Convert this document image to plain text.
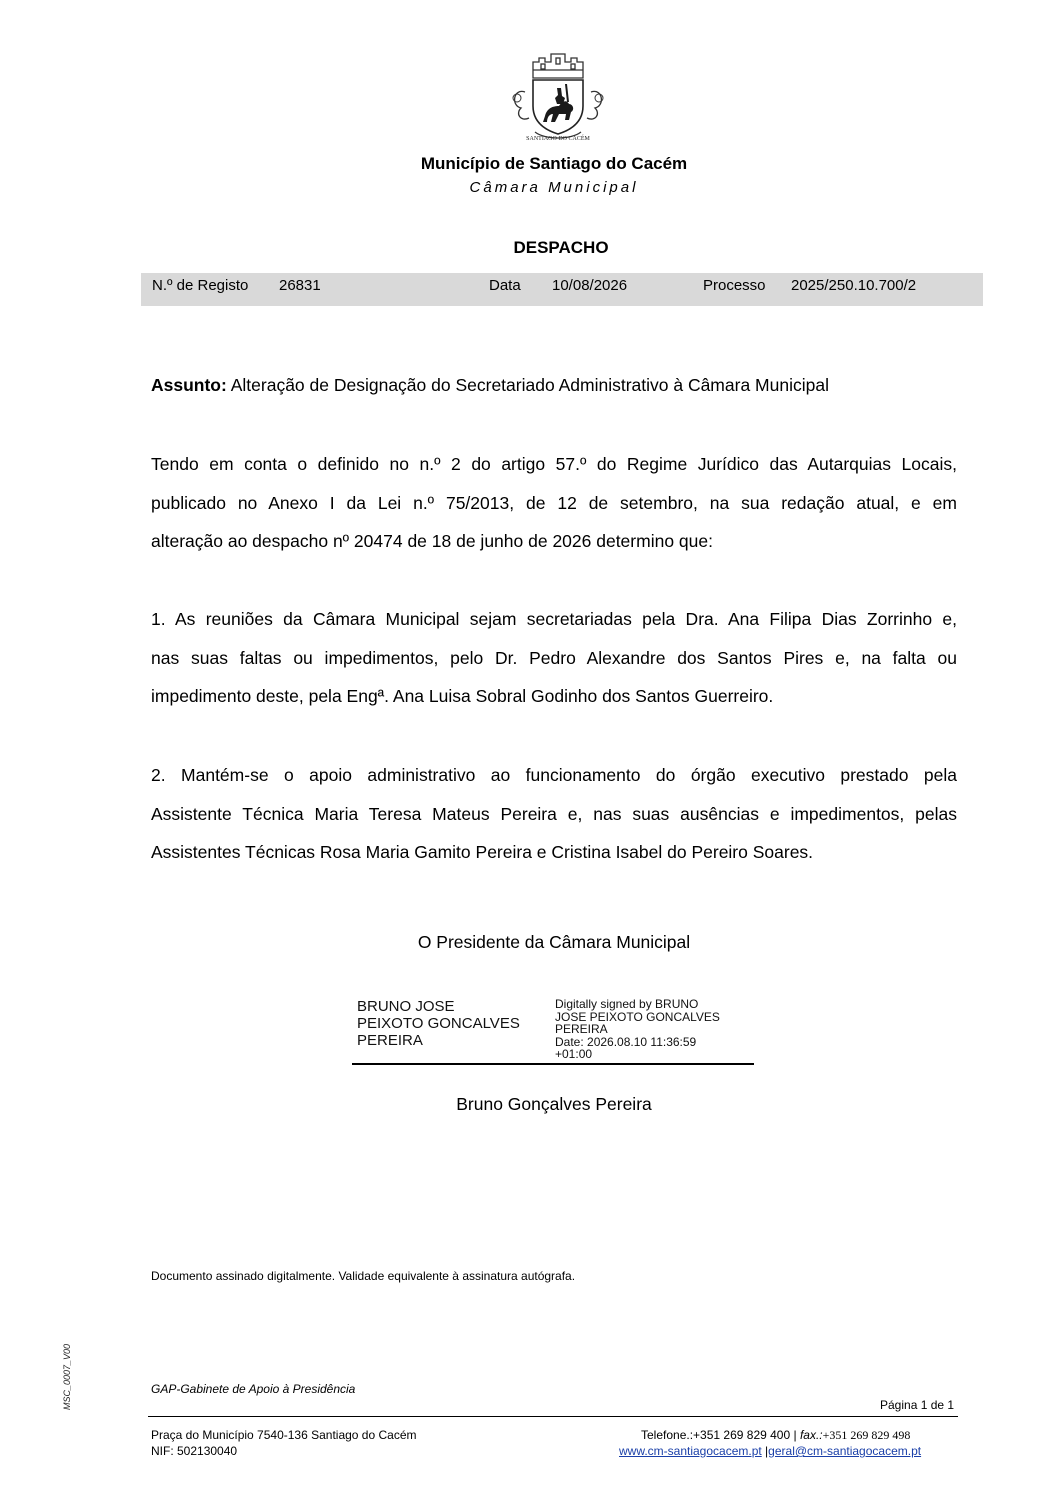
SANTIAGO DO CACÉM
Município de Santiago do Cacém
Câmara Municipal
DESPACHO
N.º de Registo 26831	Data 10/08/2026	Processo 2025/250.10.700/2
Assunto: Alteração de Designação do Secretariado Administrativo à Câmara Municipal
Tendo em conta o definido no n.º 2 do artigo 57.º do Regime Jurídico das Autarquias Locais,
publicado no Anexo I da Lei n.º 75/2013, de 12 de setembro, na sua redação atual, e em
alteração ao despacho nº 20474 de 18 de junho de 2026 determino que:
1. As reuniões da Câmara Municipal sejam secretariadas pela Dra. Ana Filipa Dias Zorrinho e,
nas suas faltas ou impedimentos, pelo Dr. Pedro Alexandre dos Santos Pires e, na falta ou
impedimento deste, pela Engª. Ana Luisa Sobral Godinho dos Santos Guerreiro.
2. Mantém-se o apoio administrativo ao funcionamento do órgão executivo prestado pela
Assistente Técnica Maria Teresa Mateus Pereira e, nas suas ausências e impedimentos, pelas
Assistentes Técnicas Rosa Maria Gamito Pereira e Cristina Isabel do Pereiro Soares.
O Presidente da Câmara Municipal
BRUNO JOSE
PEIXOTO GONCALVES
PEREIRA
Digitally signed by BRUNO
JOSE PEIXOTO GONCALVES
PEREIRA
Date: 2026.08.10 11:36:59
+01:00
Bruno Gonçalves Pereira
Documento assinado digitalmente. Validade equivalente à assinatura autógrafa.
MSC_0007_V00	GAP-Gabinete de Apoio à Presidência
Página 1 de 1
Praça do Município 7540-136 Santiago do Cacém
NIF: 502130040
Telefone.:+351 269 829 400 | fax.:+351 269 829 498
www.cm-santiagocacem.pt |geral@cm-santiagocacem.pt
